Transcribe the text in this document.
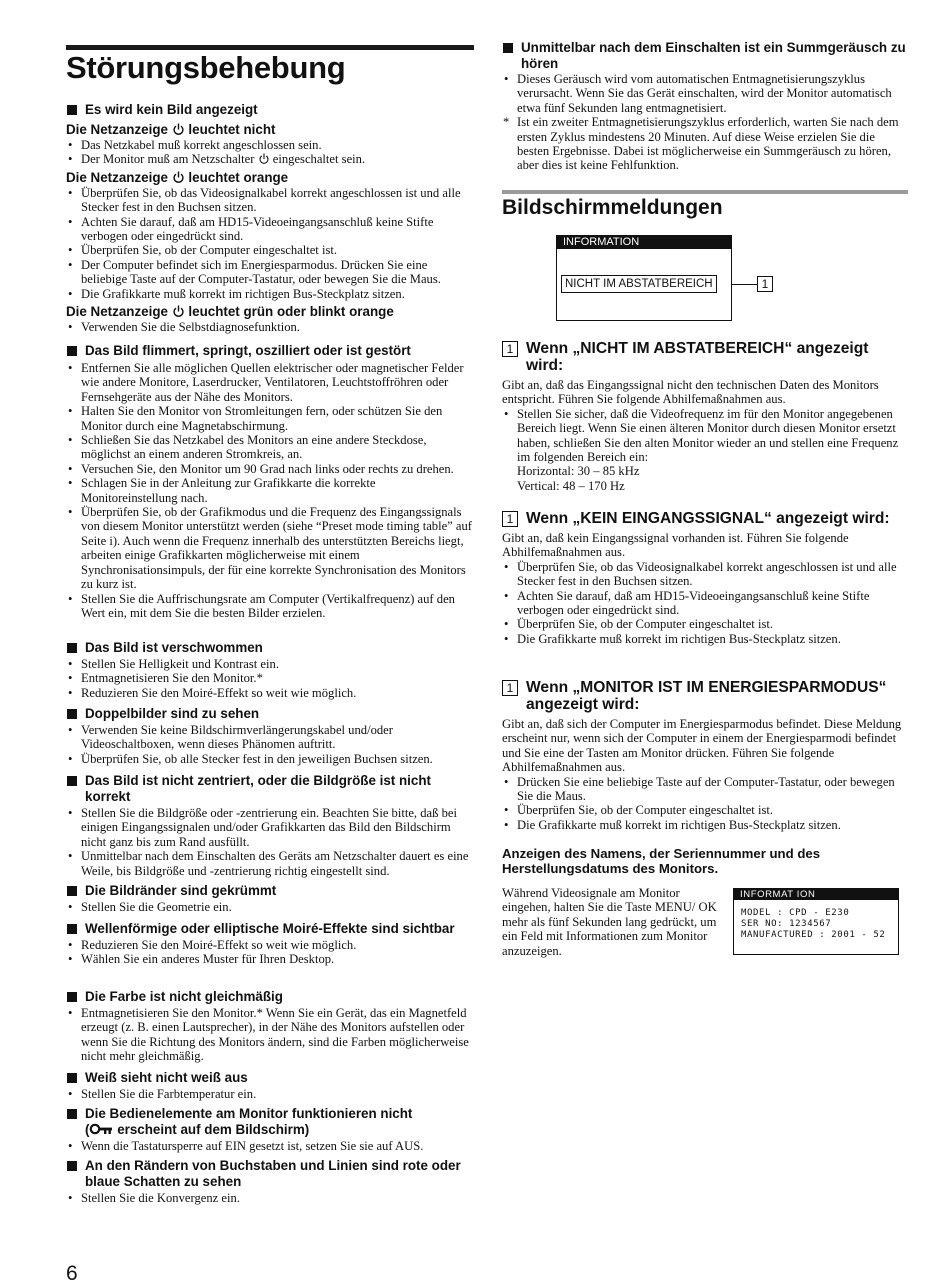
Störungsbehebung

Es wird kein Bild angezeigt

Die Netzanzeige leuchtet nicht

• Das Netzkabel muß korrekt angeschlossen sein.
• Der Monitor muß am Netzschalter eingeschaltet sein.

Die Netzanzeige leuchtet orange

• Überprüfen Sie, ob das Videosignalkabel korrekt angeschlossen ist und alle Stecker fest in den Buchsen sitzen.
• Achten Sie darauf, daß am HD15-Videoeingangsanschluß keine Stifte verbogen oder eingedrückt sind.
• Überprüfen Sie, ob der Computer eingeschaltet ist.
• Der Computer befindet sich im Energiesparmodus. Drücken Sie eine beliebige Taste auf der Computer-Tastatur, oder bewegen Sie die Maus.
• Die Grafikkarte muß korrekt im richtigen Bus-Steckplatz sitzen.

Die Netzanzeige leuchtet grün oder blinkt orange

• Verwenden Sie die Selbstdiagnosefunktion.

Das Bild flimmert, springt, oszilliert oder ist gestört

• Entfernen Sie alle möglichen Quellen elektrischer oder magnetischer Felder wie andere Monitore, Laserdrucker, Ventilatoren, Leuchtstoffröhren oder Fernsehgeräte aus der Nähe des Monitors.
• Halten Sie den Monitor von Stromleitungen fern, oder schützen Sie den Monitor durch eine Magnetabschirmung.
• Schließen Sie das Netzkabel des Monitors an eine andere Steckdose, möglichst an einem anderen Stromkreis, an.
• Versuchen Sie, den Monitor um 90 Grad nach links oder rechts zu drehen.
• Schlagen Sie in der Anleitung zur Grafikkarte die korrekte Monitoreinstellung nach.
• Überprüfen Sie, ob der Grafikmodus und die Frequenz des Eingangssignals von diesem Monitor unterstützt werden (siehe “Preset mode timing table” auf Seite i). Auch wenn die Frequenz innerhalb des unterstützten Bereichs liegt, arbeiten einige Grafikkarten möglicherweise mit einem Synchronisationsimpuls, der für eine korrekte Synchronisation des Monitors zu kurz ist.
• Stellen Sie die Auffrischungsrate am Computer (Vertikalfrequenz) auf den Wert ein, mit dem Sie die besten Bilder erzielen.

Das Bild ist verschwommen

• Stellen Sie Helligkeit und Kontrast ein.
• Entmagnetisieren Sie den Monitor.*
• Reduzieren Sie den Moiré-Effekt so weit wie möglich.

Doppelbilder sind zu sehen

• Verwenden Sie keine Bildschirmverlängerungskabel und/oder Videoschaltboxen, wenn dieses Phänomen auftritt.
• Überprüfen Sie, ob alle Stecker fest in den jeweiligen Buchsen sitzen.

Das Bild ist nicht zentriert, oder die Bildgröße ist nicht korrekt

• Stellen Sie die Bildgröße oder -zentrierung ein. Beachten Sie bitte, daß bei einigen Eingangssignalen und/oder Grafikkarten das Bild den Bildschirm nicht ganz bis zum Rand ausfüllt.
• Unmittelbar nach dem Einschalten des Geräts am Netzschalter dauert es eine Weile, bis Bildgröße und -zentrierung richtig eingestellt sind.

Die Bildränder sind gekrümmt

• Stellen Sie die Geometrie ein.

Wellenförmige oder elliptische Moiré-Effekte sind sichtbar

• Reduzieren Sie den Moiré-Effekt so weit wie möglich.
• Wählen Sie ein anderes Muster für Ihren Desktop.

Die Farbe ist nicht gleichmäßig

• Entmagnetisieren Sie den Monitor.* Wenn Sie ein Gerät, das ein Magnetfeld erzeugt (z. B. einen Lautsprecher), in der Nähe des Monitors aufstellen oder wenn Sie die Richtung des Monitors ändern, sind die Farben möglicherweise nicht mehr gleichmäßig.

Weiß sieht nicht weiß aus

• Stellen Sie die Farbtemperatur ein.

Die Bedienelemente am Monitor funktionieren nicht
( erscheint auf dem Bildschirm)

• Wenn die Tastatursperre auf EIN gesetzt ist, setzen Sie sie auf AUS.

An den Rändern von Buchstaben und Linien sind rote oder blaue Schatten zu sehen

• Stellen Sie die Konvergenz ein.
6

Unmittelbar nach dem Einschalten ist ein Summgeräusch zu hören

• Dieses Geräusch wird vom automatischen Entmagnetisierungszyklus verursacht. Wenn Sie das Gerät einschalten, wird der Monitor automatisch etwa fünf Sekunden lang entmagnetisiert.
* Ist ein zweiter Entmagnetisierungszyklus erforderlich, warten Sie nach dem ersten Zyklus mindestens 20 Minuten. Auf diese Weise erzielen Sie die besten Ergebnisse. Dabei ist möglicherweise ein Summgeräusch zu hören, aber dies ist keine Fehlfunktion.
Bildschirmmeldungen
INFORMATION
NICHT IM ABSTATBEREICH	1

1 Wenn „NICHT IM ABSTATBEREICH“ angezeigt wird:

Gibt an, daß das Eingangssignal nicht den technischen Daten des Monitors entspricht. Führen Sie folgende Abhilfemaßnahmen aus.

• Stellen Sie sicher, daß die Videofrequenz im für den Monitor angegebenen Bereich liegt. Wenn Sie einen älteren Monitor durch diesen Monitor ersetzt haben, schließen Sie den alten Monitor wieder an und stellen eine Frequenz im folgenden Bereich ein:
Horizontal: 30 – 85 kHz
Vertical: 48 – 170 Hz

1 Wenn „KEIN EINGANGSSIGNAL“ angezeigt wird:

Gibt an, daß kein Eingangssignal vorhanden ist. Führen Sie folgende Abhilfemaßnahmen aus.

• Überprüfen Sie, ob das Videosignalkabel korrekt angeschlossen ist und alle Stecker fest in den Buchsen sitzen.
• Achten Sie darauf, daß am HD15-Videoeingangsanschluß keine Stifte verbogen oder eingedrückt sind.
• Überprüfen Sie, ob der Computer eingeschaltet ist.
• Die Grafikkarte muß korrekt im richtigen Bus-Steckplatz sitzen.

1 Wenn „MONITOR IST IM ENERGIESPARMODUS“ angezeigt wird:

Gibt an, daß sich der Computer im Energiesparmodus befindet. Diese Meldung erscheint nur, wenn sich der Computer in einem der Energiesparmodi befindet und Sie eine der Tasten am Monitor drücken. Führen Sie folgende Abhilfemaßnahmen aus.

• Drücken Sie eine beliebige Taste auf der Computer-Tastatur, oder bewegen Sie die Maus.
• Überprüfen Sie, ob der Computer eingeschaltet ist.
• Die Grafikkarte muß korrekt im richtigen Bus-Steckplatz sitzen.

Anzeigen des Namens, der Seriennummer und des Herstellungsdatums des Monitors.

Während Videosignale am Monitor eingehen, halten Sie die Taste MENU/ OK mehr als fünf Sekunden lang gedrückt, um ein Feld mit Informationen zum Monitor anzuzeigen.

INFORMAT ION
MODEL : CPD - E230
SER NO: 1234567
MANUFACTURED : 2001 - 52
